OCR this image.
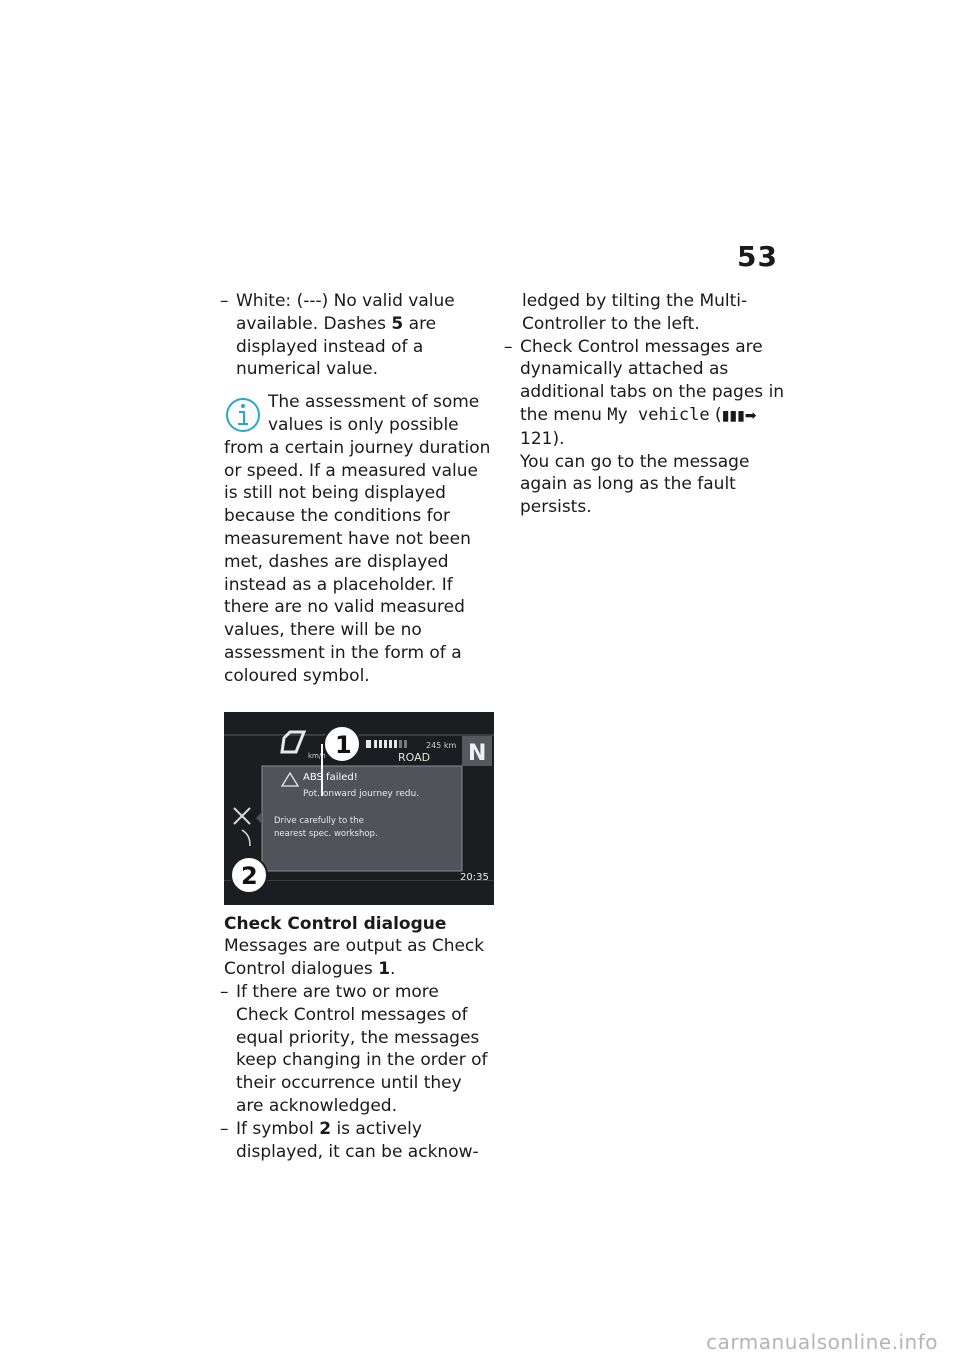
53
– White: (---) No valid value available. Dashes 5 are displayed instead of a numerical value.
The assessment of some values is only possible from a certain journey duration or speed. If a measured value is still not being displayed because the conditions for measurement have not been met, dashes are displayed instead as a placeholder. If there are no valid measured values, there will be no assessment in the form of a coloured symbol.
km/h
245 km
ROAD N
ABS failed!
Pot. onward journey redu.
Drive carefully to the
nearest spec. workshop.
20:35
1
2
Check Control dialogue
Messages are output as Check Control dialogues 1.
– If there are two or more Check Control messages of equal priority, the messages keep changing in the order of their occurrence until they are acknowledged.
– If symbol 2 is actively displayed, it can be acknow-
ledged by tilting the Multi-Controller to the left.
– Check Control messages are dynamically attached as additional tabs on the pages in the menu My vehicle (▮▮▮➡ 121).
You can go to the message again as long as the fault persists.
carmanualsonline.info
